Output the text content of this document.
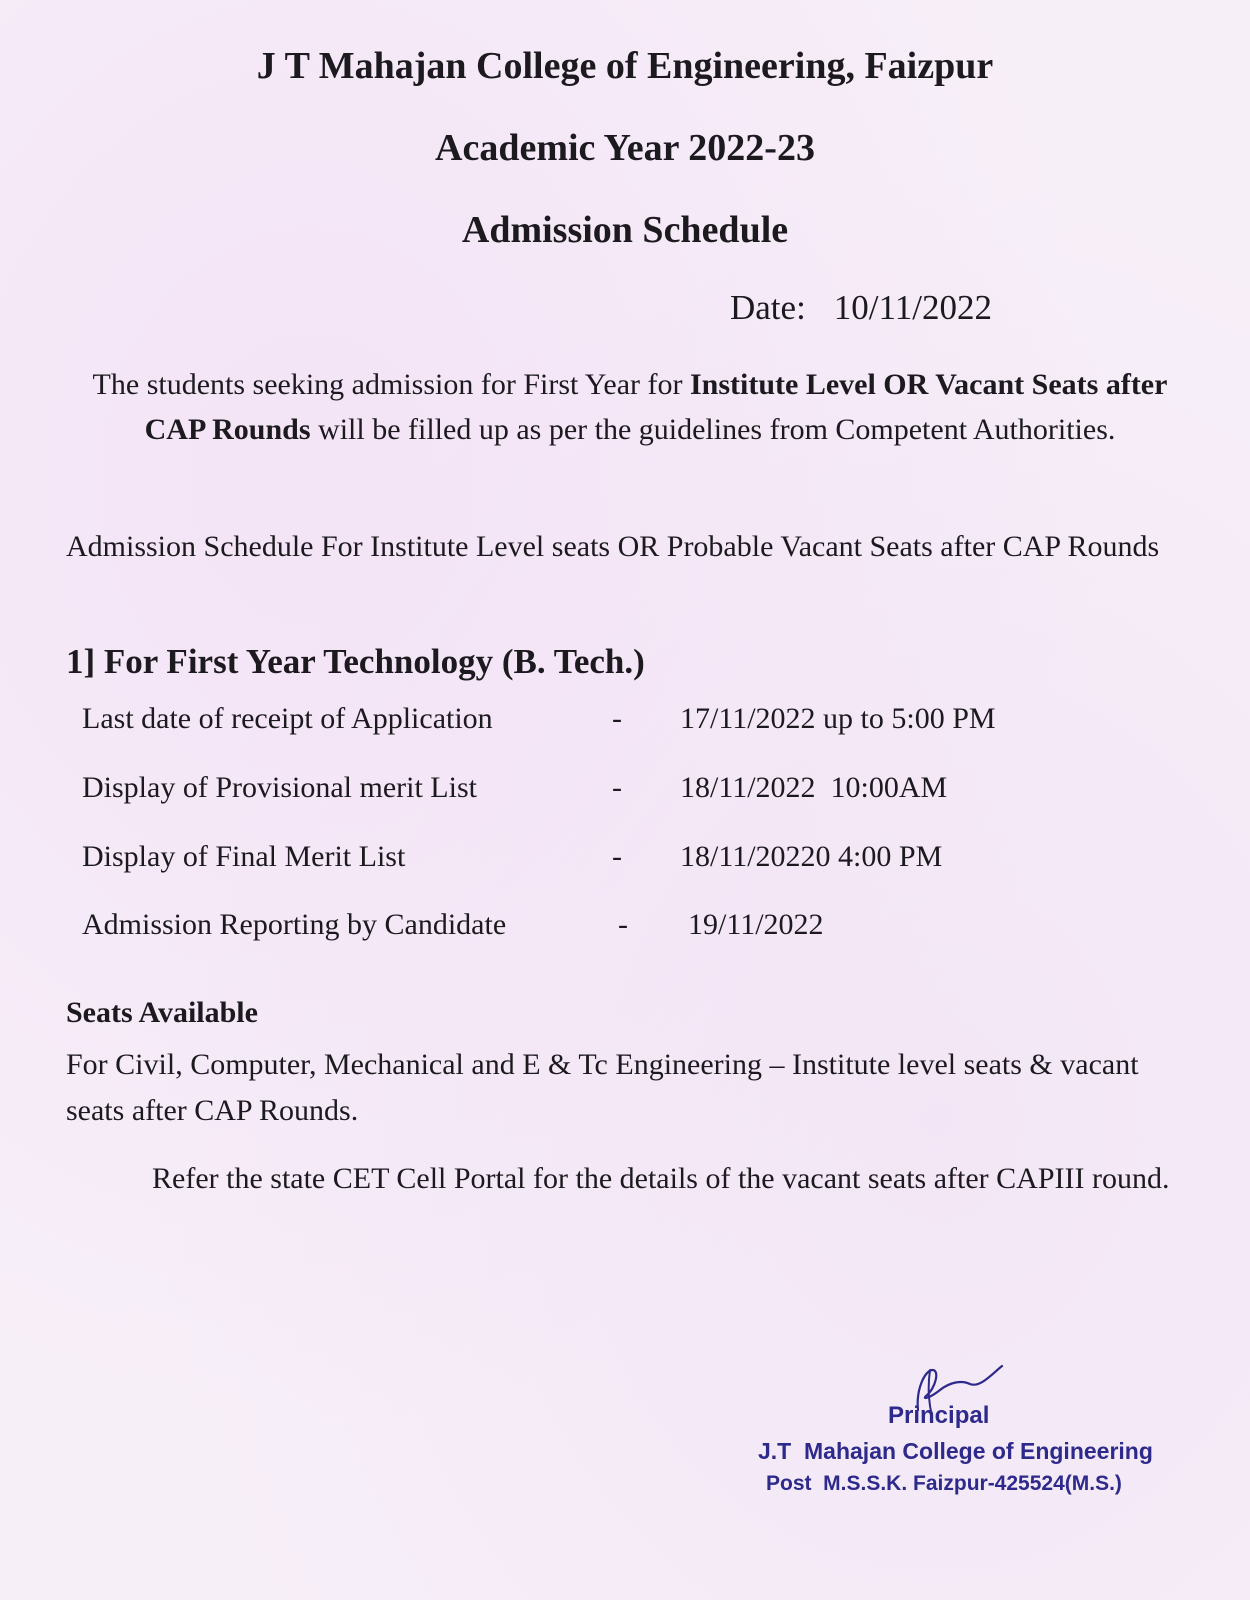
J T Mahajan College of Engineering, Faizpur
Academic Year 2022-23
Admission Schedule
Date: 10/11/2022
The students seeking admission for First Year for Institute Level OR Vacant Seats after CAP Rounds will be filled up as per the guidelines from Competent Authorities.
Admission Schedule For Institute Level seats OR Probable Vacant Seats after CAP Rounds
1] For First Year Technology (B. Tech.)
Last date of receipt of Application	- 17/11/2022 up to 5:00 PM
Display of Provisional merit List	- 18/11/2022  10:00AM
Display of Final Merit List	- 18/11/20220 4:00 PM
Admission Reporting by Candidate	- 19/11/2022
Seats Available
For Civil, Computer, Mechanical and E & Tc Engineering – Institute level seats & vacant seats after CAP Rounds.
Refer the state CET Cell Portal for the details of the vacant seats after CAPIII round.
Principal
J.T  Mahajan College of Engineering
Post  M.S.S.K. Faizpur-425524(M.S.)
